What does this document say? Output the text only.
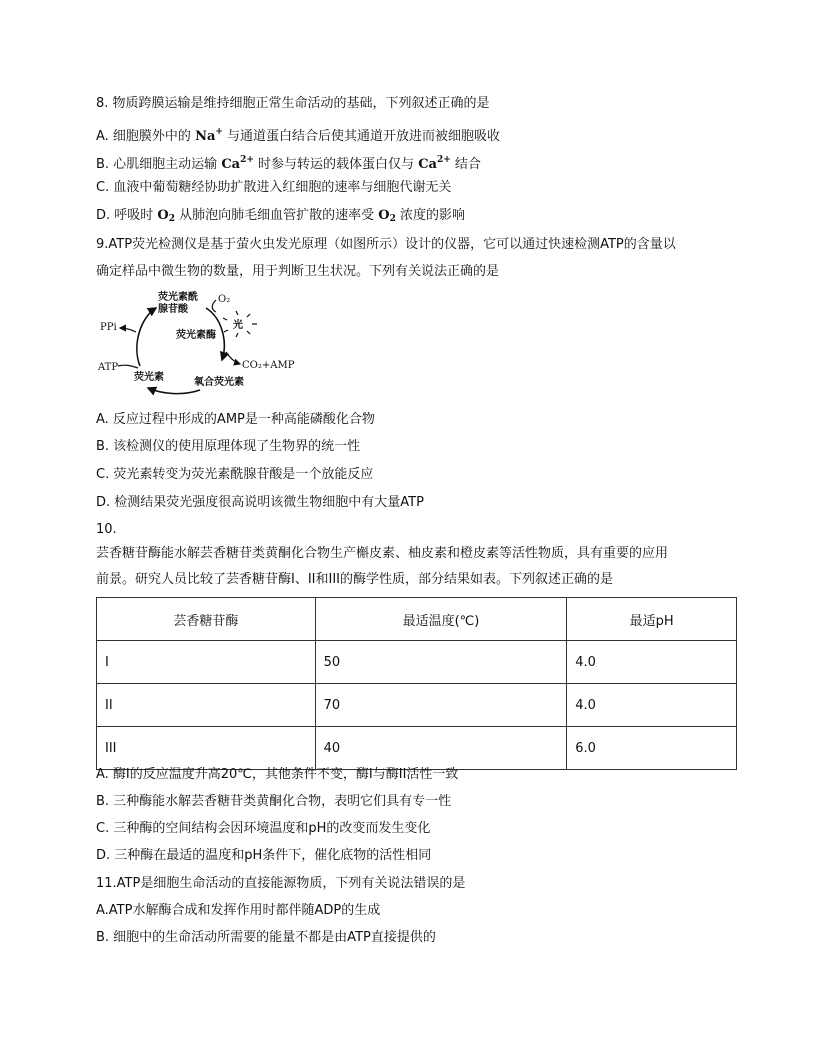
8. 物质跨膜运输是维持细胞正常生命活动的基础，下列叙述正确的是
A. 细胞膜外中的 Na+ 与通道蛋白结合后使其通道开放进而被细胞吸收
B. 心肌细胞主动运输 $Ca^{2+}$ 时参与转运的载体蛋白仅与 $Ca^{2+}$ 结合
C. 血液中葡萄糖经协助扩散进入红细胞的速率与细胞代谢无关
D. 呼吸时 $O_2$ 从肺泡向肺毛细血管扩散的速率受 $O_2$ 浓度的影响
9.ATP荧光检测仪是基于萤火虫发光原理（如图所示）设计的仪器，它可以通过快速检测ATP的含量以
确定样品中微生物的数量，用于判断卫生状况。下列有关说法正确的是
荧光素酰
腺苷酸
O₂
荧光素酶
PPi
ATP	CO₂+AMP
荧光素	氧合荧光素
光
A. 反应过程中形成的AMP是一种高能磷酸化合物
B. 该检测仪的使用原理体现了生物界的统一性
C. 荧光素转变为荧光素酰腺苷酸是一个放能反应
D. 检测结果荧光强度很高说明该微生物细胞中有大量ATP
10.
芸香糖苷酶能水解芸香糖苷类黄酮化合物生产槲皮素、柚皮素和橙皮素等活性物质，具有重要的应用
前景。研究人员比较了芸香糖苷酶I、II和III的酶学性质，部分结果如表。下列叙述正确的是
芸香糖苷酶	最适温度(℃)	最适pH
I	50	4.0
II	70	4.0
III	40	6.0
A. 酶I的反应温度升高20℃，其他条件不变，酶I与酶II活性一致
B. 三种酶能水解芸香糖苷类黄酮化合物，表明它们具有专一性
C. 三种酶的空间结构会因环境温度和pH的改变而发生变化
D. 三种酶在最适的温度和pH条件下，催化底物的活性相同
11.ATP是细胞生命活动的直接能源物质，下列有关说法错误的是
A.ATP水解酶合成和发挥作用时都伴随ADP的生成
B. 细胞中的生命活动所需要的能量不都是由ATP直接提供的
